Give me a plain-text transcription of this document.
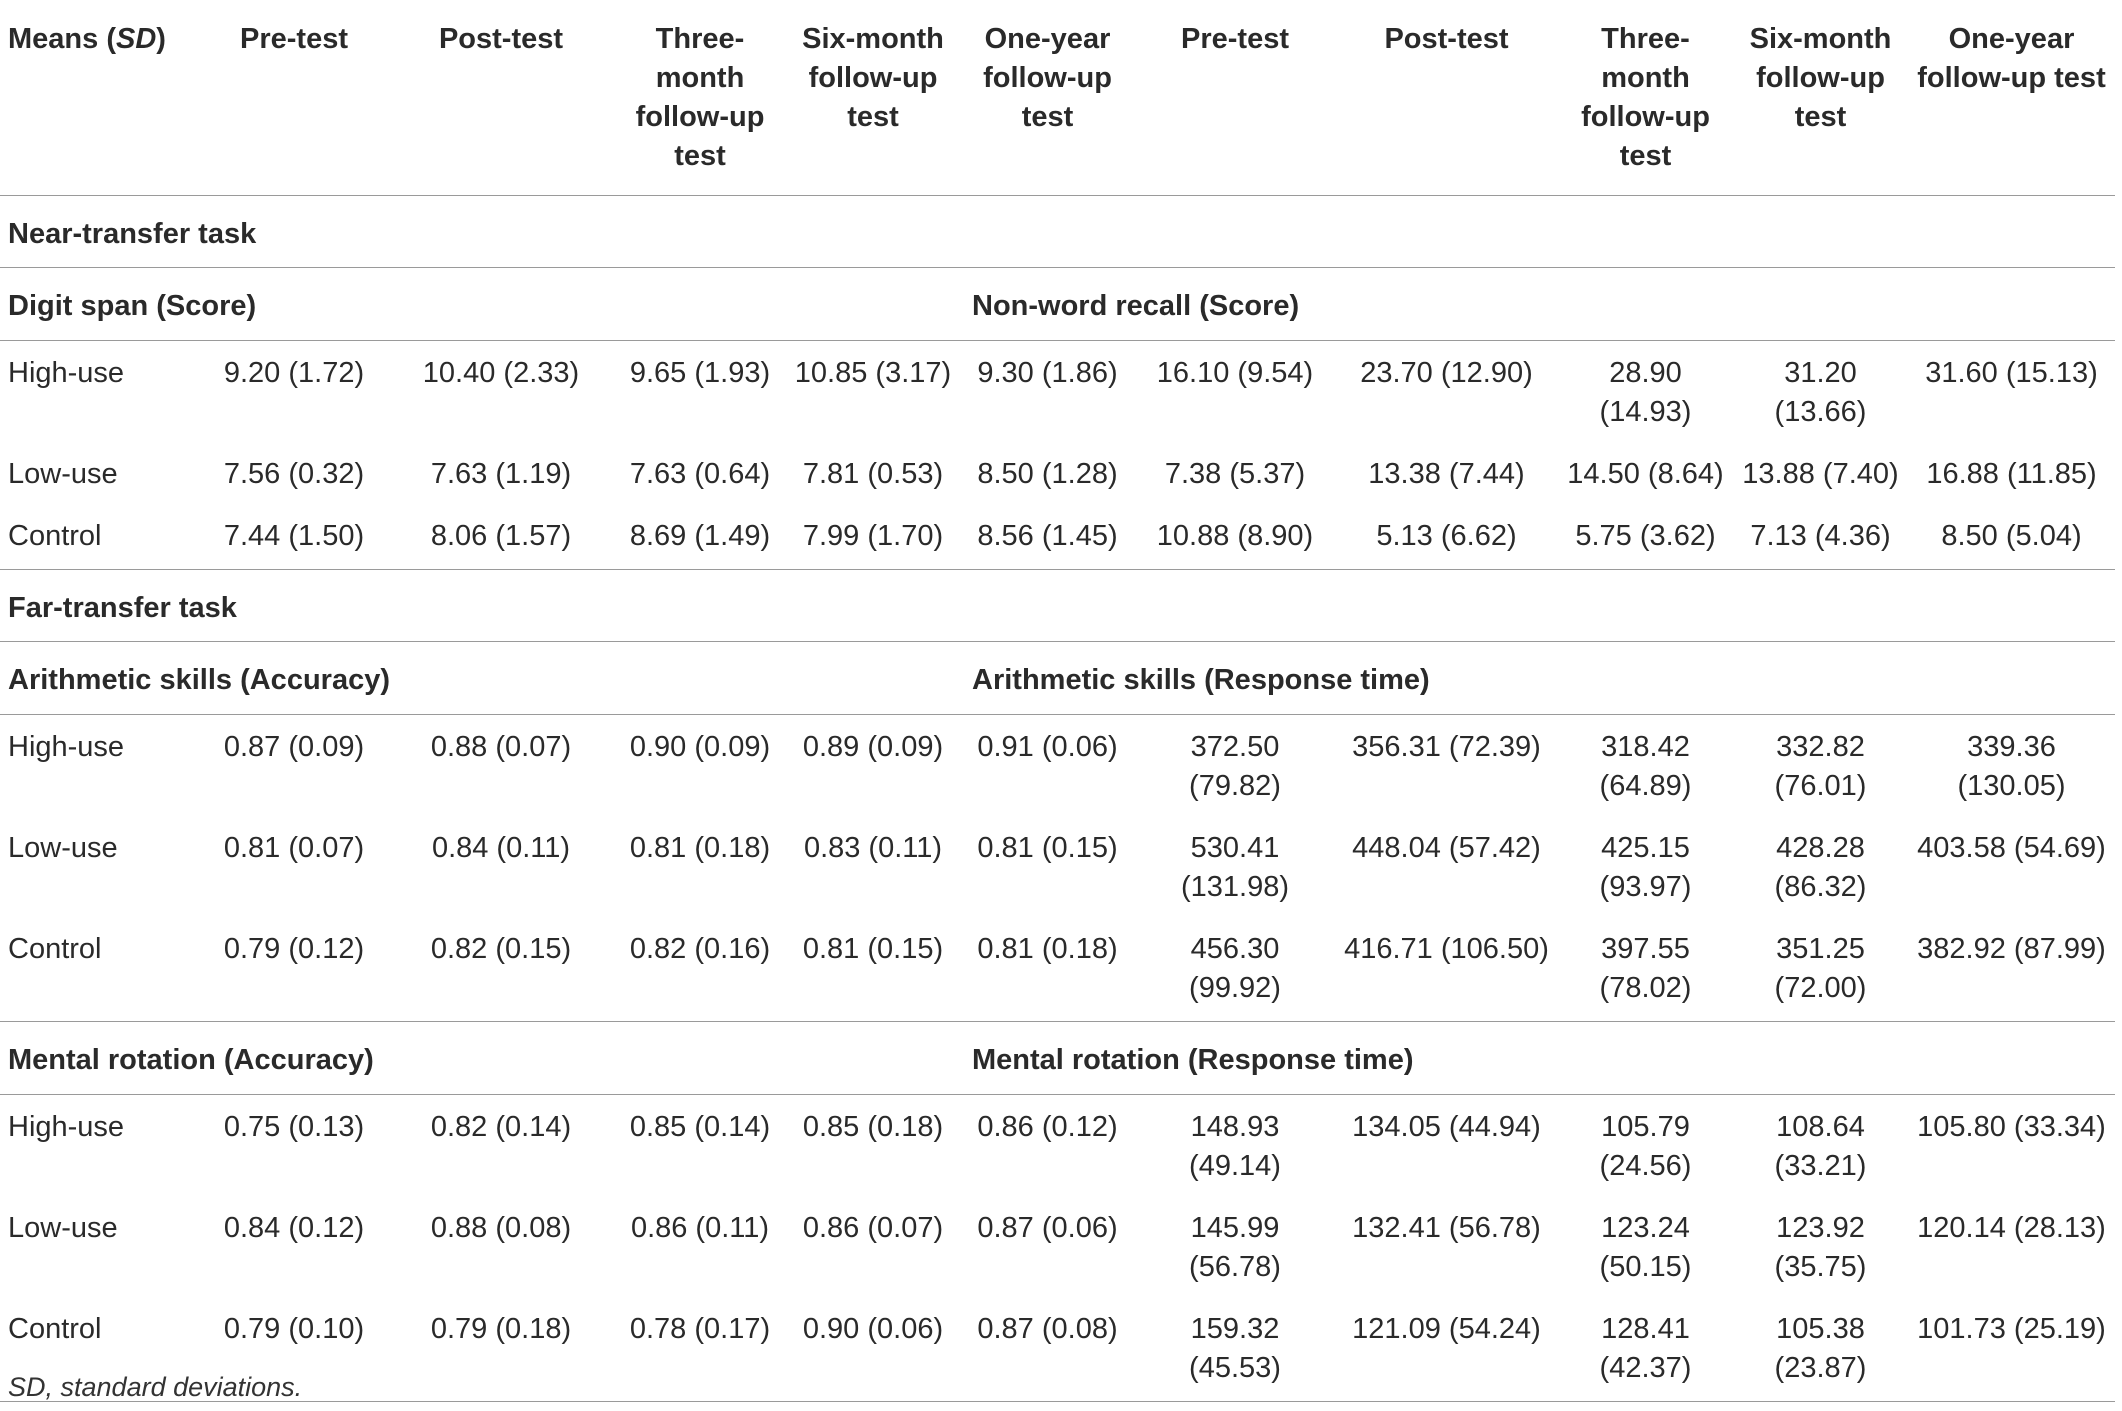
Means (SD)	Pre-test	Post-test	Three-month follow-up test	Six-month follow-up test	One-year follow-up test	Pre-test	Post-test	Three-month follow-up test	Six-month follow-up test	One-year follow-up test
Near-transfer task										
Digit span (Score)					Non-word recall (Score)					
High-use	9.20 (1.72)	10.40 (2.33)	9.65 (1.93)	10.85 (3.17)	9.30 (1.86)	16.10 (9.54)	23.70 (12.90)	28.90 (14.93)	31.20 (13.66)	31.60 (15.13)
Low-use	7.56 (0.32)	7.63 (1.19)	7.63 (0.64)	7.81 (0.53)	8.50 (1.28)	7.38 (5.37)	13.38 (7.44)	14.50 (8.64)	13.88 (7.40)	16.88 (11.85)
Control	7.44 (1.50)	8.06 (1.57)	8.69 (1.49)	7.99 (1.70)	8.56 (1.45)	10.88 (8.90)	5.13 (6.62)	5.75 (3.62)	7.13 (4.36)	8.50 (5.04)
Far-transfer task										
Arithmetic skills (Accuracy)					Arithmetic skills (Response time)					
High-use	0.87 (0.09)	0.88 (0.07)	0.90 (0.09)	0.89 (0.09)	0.91 (0.06)	372.50 (79.82)	356.31 (72.39)	318.42 (64.89)	332.82 (76.01)	339.36 (130.05)
Low-use	0.81 (0.07)	0.84 (0.11)	0.81 (0.18)	0.83 (0.11)	0.81 (0.15)	530.41 (131.98)	448.04 (57.42)	425.15 (93.97)	428.28 (86.32)	403.58 (54.69)
Control	0.79 (0.12)	0.82 (0.15)	0.82 (0.16)	0.81 (0.15)	0.81 (0.18)	456.30 (99.92)	416.71 (106.50)	397.55 (78.02)	351.25 (72.00)	382.92 (87.99)
Mental rotation (Accuracy)					Mental rotation (Response time)					
High-use	0.75 (0.13)	0.82 (0.14)	0.85 (0.14)	0.85 (0.18)	0.86 (0.12)	148.93 (49.14)	134.05 (44.94)	105.79 (24.56)	108.64 (33.21)	105.80 (33.34)
Low-use	0.84 (0.12)	0.88 (0.08)	0.86 (0.11)	0.86 (0.07)	0.87 (0.06)	145.99 (56.78)	132.41 (56.78)	123.24 (50.15)	123.92 (35.75)	120.14 (28.13)
Control	0.79 (0.10)	0.79 (0.18)	0.78 (0.17)	0.90 (0.06)	0.87 (0.08)	159.32 (45.53)	121.09 (54.24)	128.41 (42.37)	105.38 (23.87)	101.73 (25.19)
SD, standard deviations.
